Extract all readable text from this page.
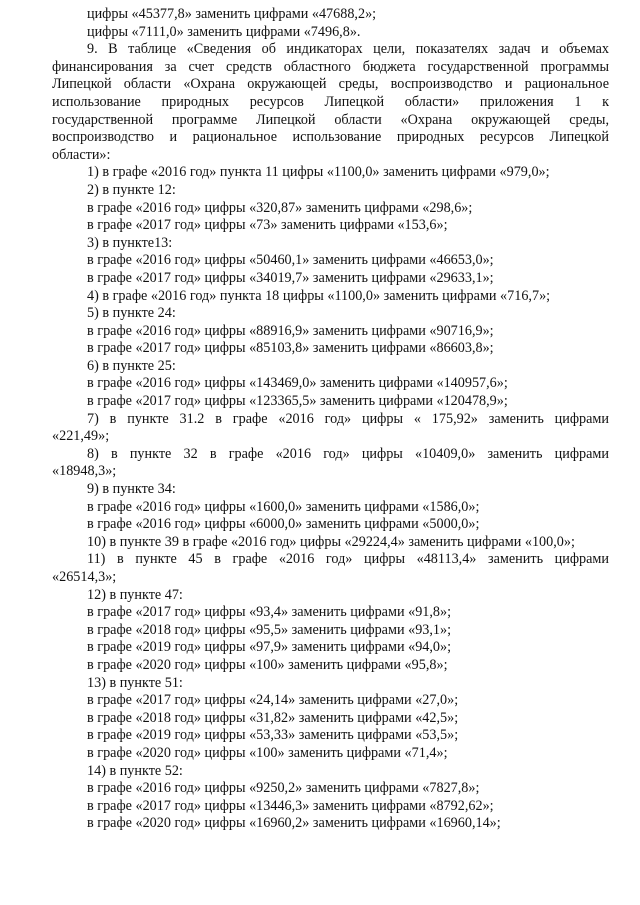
цифры «45377,8» заменить цифрами «47688,2»;
цифры «7111,0» заменить цифрами «7496,8».
9. В таблице «Сведения об индикаторах цели, показателях задач и объемах
финансирования за счет средств областного бюджета государственной программы
Липецкой области «Охрана окружающей среды, воспроизводство и рациональное
использование природных ресурсов Липецкой области» приложения 1 к
государственной программе Липецкой области «Охрана окружающей среды,
воспроизводство и рациональное использование природных ресурсов Липецкой
области»:
1) в графе «2016 год» пункта 11 цифры «1100,0» заменить цифрами «979,0»;
2) в пункте 12:
в графе «2016 год» цифры «320,87» заменить цифрами «298,6»;
в графе «2017 год» цифры «73» заменить цифрами «153,6»;
3) в пункте13:
в графе «2016 год» цифры «50460,1» заменить цифрами «46653,0»;
в графе «2017 год» цифры «34019,7» заменить цифрами «29633,1»;
4) в графе «2016 год» пункта 18 цифры «1100,0» заменить цифрами «716,7»;
5) в пункте 24:
в графе «2016 год» цифры «88916,9» заменить цифрами «90716,9»;
в графе «2017 год» цифры «85103,8» заменить цифрами «86603,8»;
6) в пункте 25:
в графе «2016 год» цифры «143469,0» заменить цифрами «140957,6»;
в графе «2017 год» цифры «123365,5» заменить цифрами «120478,9»;
7) в пункте 31.2 в графе «2016 год» цифры « 175,92» заменить цифрами
«221,49»;
8) в пункте 32 в графе «2016 год» цифры «10409,0» заменить цифрами
«18948,3»;
9) в пункте 34:
в графе «2016 год» цифры «1600,0» заменить цифрами «1586,0»;
в графе «2016 год» цифры «6000,0» заменить цифрами «5000,0»;
10) в пункте 39 в графе «2016 год» цифры «29224,4» заменить цифрами «100,0»;
11) в пункте 45 в графе «2016 год» цифры «48113,4» заменить цифрами
«26514,3»;
12) в пункте 47:
в графе «2017 год» цифры «93,4» заменить цифрами «91,8»;
в графе «2018 год» цифры «95,5» заменить цифрами «93,1»;
в графе «2019 год» цифры «97,9» заменить цифрами «94,0»;
в графе «2020 год» цифры «100» заменить цифрами «95,8»;
13) в пункте 51:
в графе «2017 год» цифры «24,14» заменить цифрами «27,0»;
в графе «2018 год» цифры «31,82» заменить цифрами «42,5»;
в графе «2019 год» цифры «53,33» заменить цифрами «53,5»;
в графе «2020 год» цифры «100» заменить цифрами «71,4»;
14) в пункте 52:
в графе «2016 год» цифры «9250,2» заменить цифрами «7827,8»;
в графе «2017 год» цифры «13446,3» заменить цифрами «8792,62»;
в графе «2020 год» цифры «16960,2» заменить цифрами «16960,14»;
